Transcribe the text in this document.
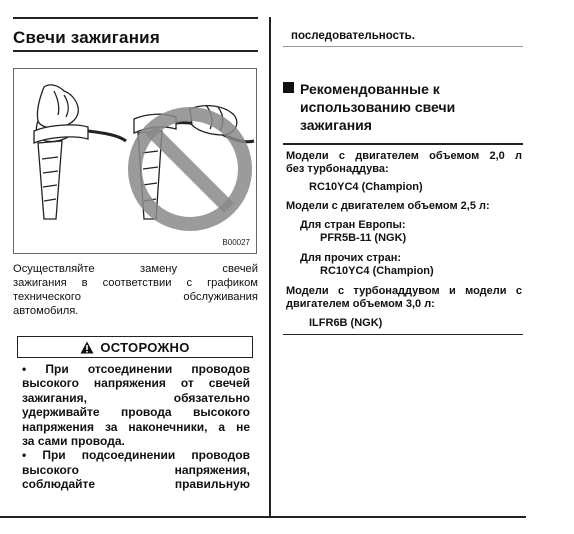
Свечи зажигания
B00027
Осуществляйте замену свечей
зажигания в соответствии с графиком
технического обслуживания
автомобиля.
ОСТОРОЖНО
• При отсоединении проводов
высокого напряжения от свечей
зажигания, обязательно
удерживайте провода высокого
напряжения за наконечники, а не
за сами провода.
• При подсоединении проводов
высокого напряжения,
соблюдайте правильную
последовательность.
Рекомендованные к
использованию свечи
зажигания
Модели с двигателем объемом 2,0 л
без турбонаддува:
RC10YC4 (Champion)
Модели с двигателем объемом 2,5 л:
Для стран Европы:
PFR5B-11 (NGK)
Для прочих стран:
RC10YC4 (Champion)
Модели с турбонаддувом и модели с
двигателем объемом 3,0 л:
ILFR6B (NGK)
